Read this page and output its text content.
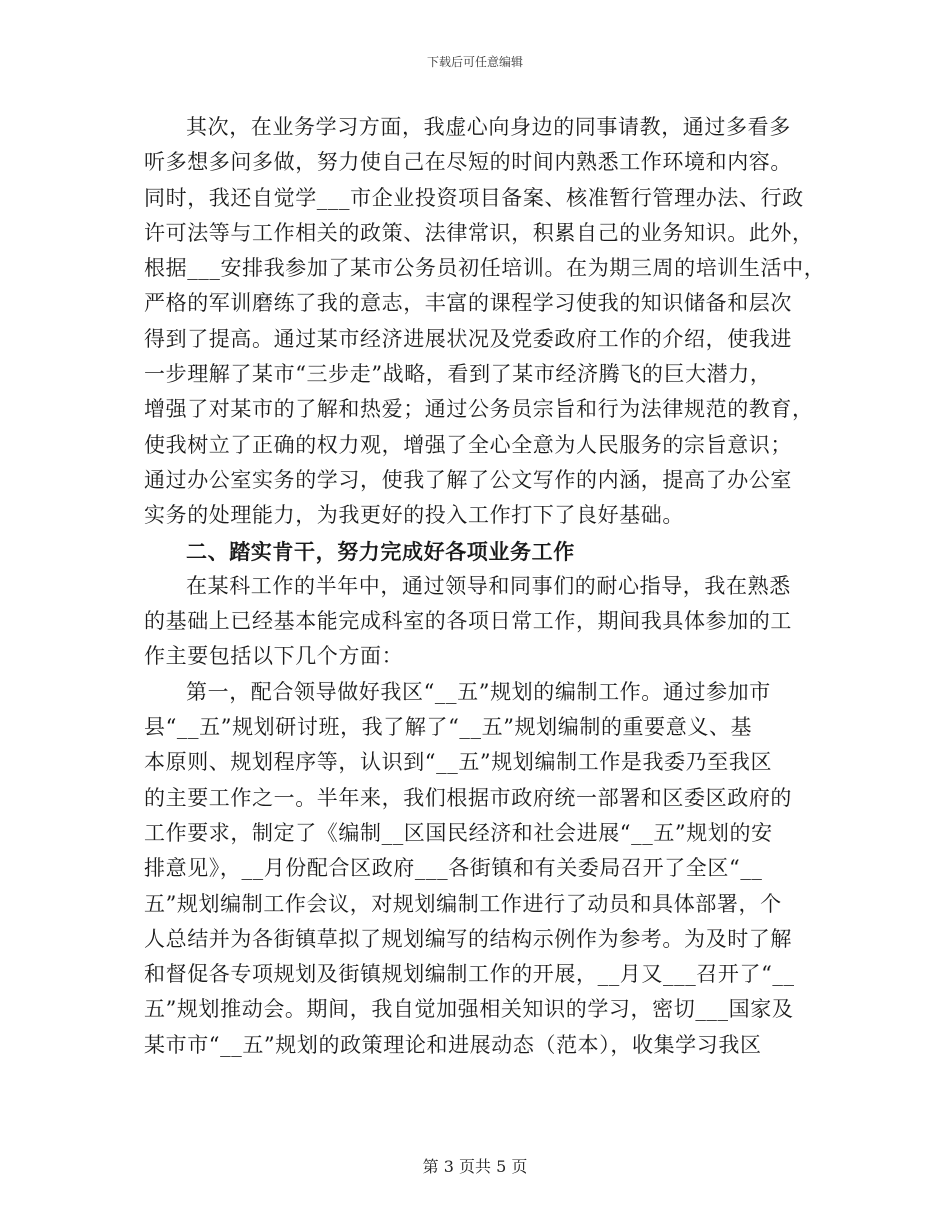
下载后可任意编辑
其次，在业务学习方面，我虚心向身边的同事请教，通过多看多
听多想多问多做，努力使自己在尽短的时间内熟悉工作环境和内容。
同时，我还自觉学___市企业投资项目备案、核准暂行管理办法、行政
许可法等与工作相关的政策、法律常识，积累自己的业务知识。此外，
根据___安排我参加了某市公务员初任培训。在为期三周的培训生活中，
严格的军训磨练了我的意志，丰富的课程学习使我的知识储备和层次
得到了提高。通过某市经济进展状况及党委政府工作的介绍，使我进
一步理解了某市“三步走”战略，看到了某市经济腾飞的巨大潜力，
增强了对某市的了解和热爱；通过公务员宗旨和行为法律规范的教育，
使我树立了正确的权力观，增强了全心全意为人民服务的宗旨意识；
通过办公室实务的学习，使我了解了公文写作的内涵，提高了办公室
实务的处理能力，为我更好的投入工作打下了良好基础。
二、踏实肯干，努力完成好各项业务工作
在某科工作的半年中，通过领导和同事们的耐心指导，我在熟悉
的基础上已经基本能完成科室的各项日常工作，期间我具体参加的工
作主要包括以下几个方面：
第一，配合领导做好我区“__五”规划的编制工作。通过参加市
县“__五”规划研讨班，我了解了“__五”规划编制的重要意义、基
本原则、规划程序等，认识到“__五”规划编制工作是我委乃至我区
的主要工作之一。半年来，我们根据市政府统一部署和区委区政府的
工作要求，制定了《编制__区国民经济和社会进展“__五”规划的安
排意见》，__月份配合区政府___各街镇和有关委局召开了全区“__
五”规划编制工作会议，对规划编制工作进行了动员和具体部署，个
人总结并为各街镇草拟了规划编写的结构示例作为参考。为及时了解
和督促各专项规划及街镇规划编制工作的开展，__月又___召开了“__
五”规划推动会。期间，我自觉加强相关知识的学习，密切___国家及
某市市“__五”规划的政策理论和进展动态（范本），收集学习我区
第 3 页共 5 页
